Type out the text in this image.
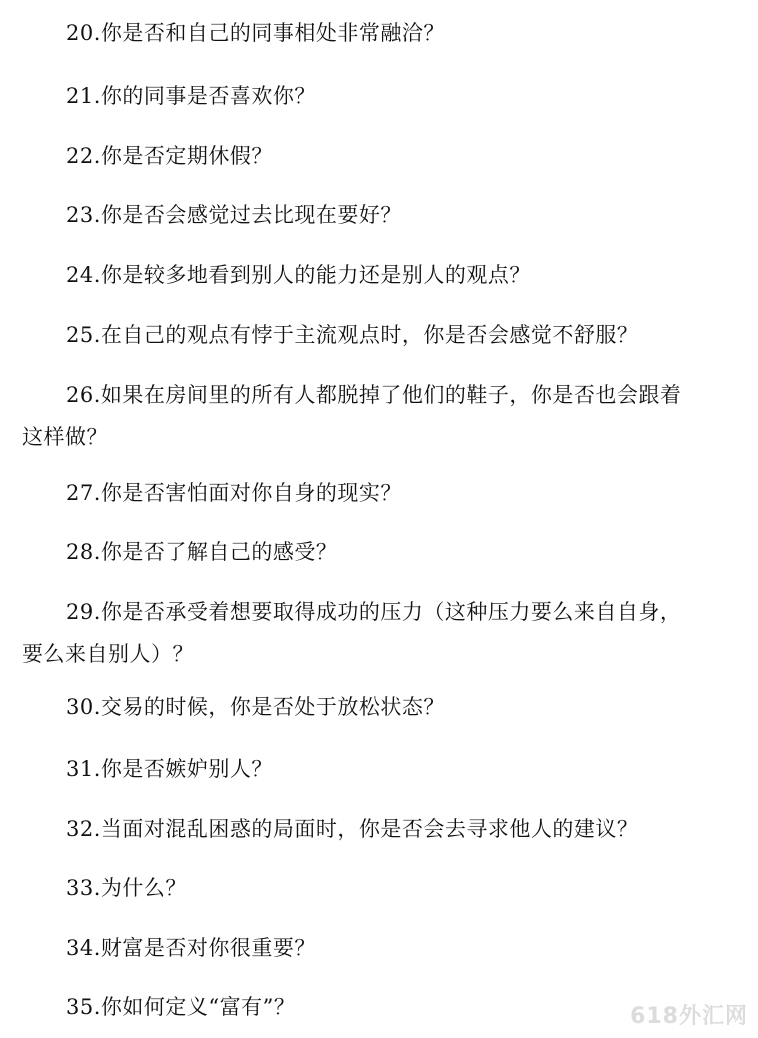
20.你是否和自己的同事相处非常融洽？
21.你的同事是否喜欢你？
22.你是否定期休假？
23.你是否会感觉过去比现在要好？
24.你是较多地看到别人的能力还是别人的观点？
25.在自己的观点有悖于主流观点时，你是否会感觉不舒服？
26.如果在房间里的所有人都脱掉了他们的鞋子，你是否也会跟着
这样做？
27.你是否害怕面对你自身的现实？
28.你是否了解自己的感受？
29.你是否承受着想要取得成功的压力（这种压力要么来自自身，
要么来自别人）？
30.交易的时候，你是否处于放松状态？
31.你是否嫉妒别人？
32.当面对混乱困惑的局面时，你是否会去寻求他人的建议？
33.为什么？
34.财富是否对你很重要？
35.你如何定义“富有”？	618外汇网
